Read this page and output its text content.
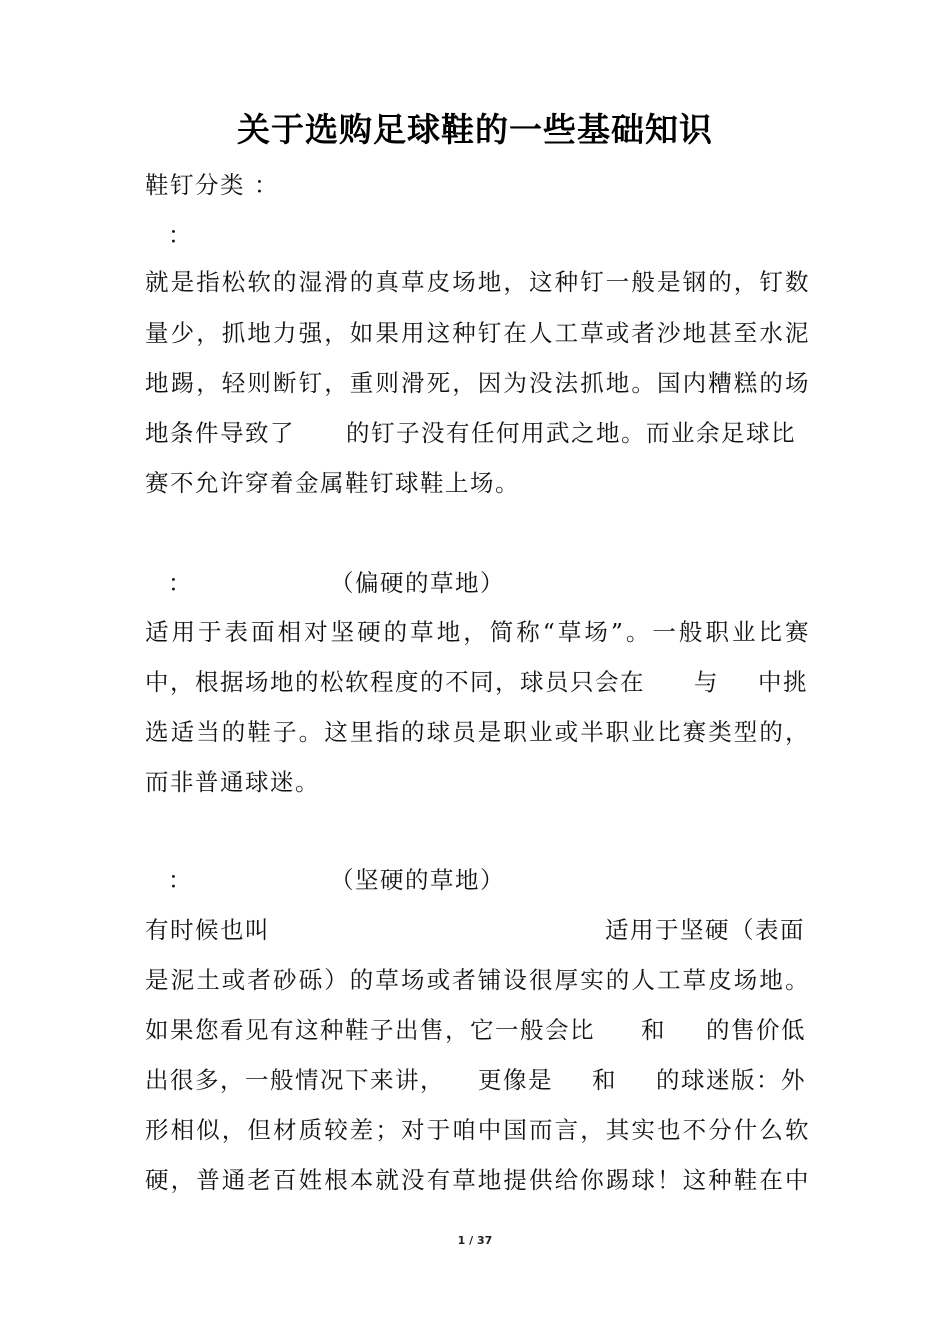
关于选购足球鞋的一些基础知识
鞋钉分类 ：
：
就是指松软的湿滑的真草皮场地，这种钉一般是钢的，钉数
量少，抓地力强，如果用这种钉在人工草或者沙地甚至水泥
地踢，轻则断钉，重则滑死，因为没法抓地。国内糟糕的场
地条件导致了 的钉子没有任何用武之地。而业余足球比
赛不允许穿着金属鞋钉球鞋上场。
：	（偏硬的草地）
适用于表面相对坚硬的草地，简称“草场”。一般职业比赛
中，根据场地的松软程度的不同，球员只会在 与 中挑
选适当的鞋子。这里指的球员是职业或半职业比赛类型的，
而非普通球迷。
：	（坚硬的草地）
有时候也叫	适用于坚硬（表面
是泥土或者砂砾）的草场或者铺设很厚实的人工草皮场地。
如果您看见有这种鞋子出售，它一般会比 和 的售价低
出很多，一般情况下来讲， 更像是 和 的球迷版：外
形相似，但材质较差；对于咱中国而言，其实也不分什么软
硬，普通老百姓根本就没有草地提供给你踢球！这种鞋在中
1 / 37
